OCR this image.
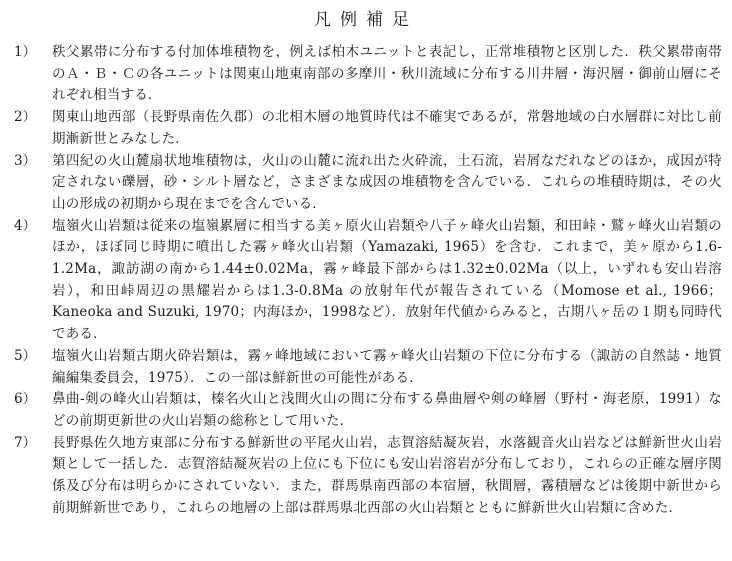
凡例補足
1）	秩父累帯に分布する付加体堆積物を，例えば柏木ユニットと表記し，正常堆積物と区別した．秩父累帯南帯のＡ・Ｂ・Ｃの各ユニットは関東山地東南部の多摩川・秋川流域に分布する川井層・海沢層・御前山層にそれぞれ相当する．
2）	関東山地西部（長野県南佐久郡）の北相木層の地質時代は不確実であるが，常磐地域の白水層群に対比し前期漸新世とみなした．
3）	第四紀の火山麓扇状地堆積物は，火山の山麓に流れ出た火砕流，土石流，岩屑なだれなどのほか，成因が特定されない礫層，砂・シルト層など，さまざまな成因の堆積物を含んでいる．これらの堆積時期は，その火山の形成の初期から現在までを含んでいる．
4）	塩嶺火山岩類は従来の塩嶺累層に相当する美ヶ原火山岩類や八子ヶ峰火山岩類，和田峠・鷲ヶ峰火山岩類のほか，ほぼ同じ時期に噴出した霧ヶ峰火山岩類（Yamazaki, 1965）を含む．これまで，美ヶ原から1.6-1.2Ma，諏訪湖の南から1.44±0.02Ma，霧ヶ峰最下部からは1.32±0.02Ma（以上，いずれも安山岩溶岩），和田峠周辺の黒耀岩からは1.3-0.8Ma の放射年代が報告されている（Momose et al., 1966；Kaneoka and Suzuki, 1970；内海ほか，1998など）．放射年代値からみると，古期八ヶ岳の１期も同時代である．
5）	塩嶺火山岩類古期火砕岩類は，霧ヶ峰地域において霧ヶ峰火山岩類の下位に分布する（諏訪の自然誌・地質編編集委員会，1975）．この一部は鮮新世の可能性がある．
6）	鼻曲-剣の峰火山岩類は，榛名火山と浅間火山の間に分布する鼻曲層や剣の峰層（野村・海老原，1991）などの前期更新世の火山岩類の総称として用いた．
7）	長野県佐久地方東部に分布する鮮新世の平尾火山岩，志賀溶結凝灰岩，水落観音火山岩などは鮮新世火山岩類として一括した．志賀溶結凝灰岩の上位にも下位にも安山岩溶岩が分布しており，これらの正確な層序関係及び分布は明らかにされていない．また，群馬県南西部の本宿層，秋間層，霧積層などは後期中新世から前期鮮新世であり，これらの地層の上部は群馬県北西部の火山岩類とともに鮮新世火山岩類に含めた．
